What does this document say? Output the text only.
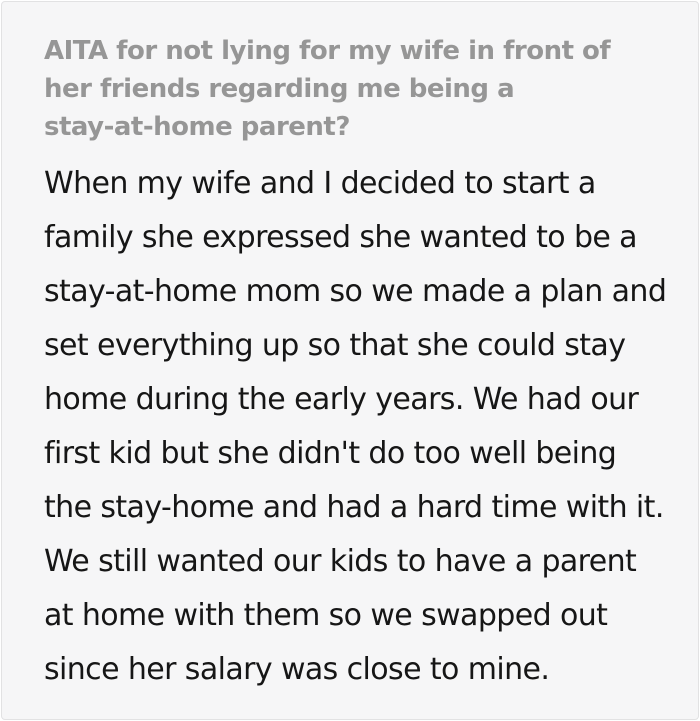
AITA for not lying for my wife in front of
her friends regarding me being a
stay-at-home parent?
When my wife and I decided to start a
family she expressed she wanted to be a
stay-at-home mom so we made a plan and
set everything up so that she could stay
home during the early years. We had our
first kid but she didn't do too well being
the stay-home and had a hard time with it.
We still wanted our kids to have a parent
at home with them so we swapped out
since her salary was close to mine.
